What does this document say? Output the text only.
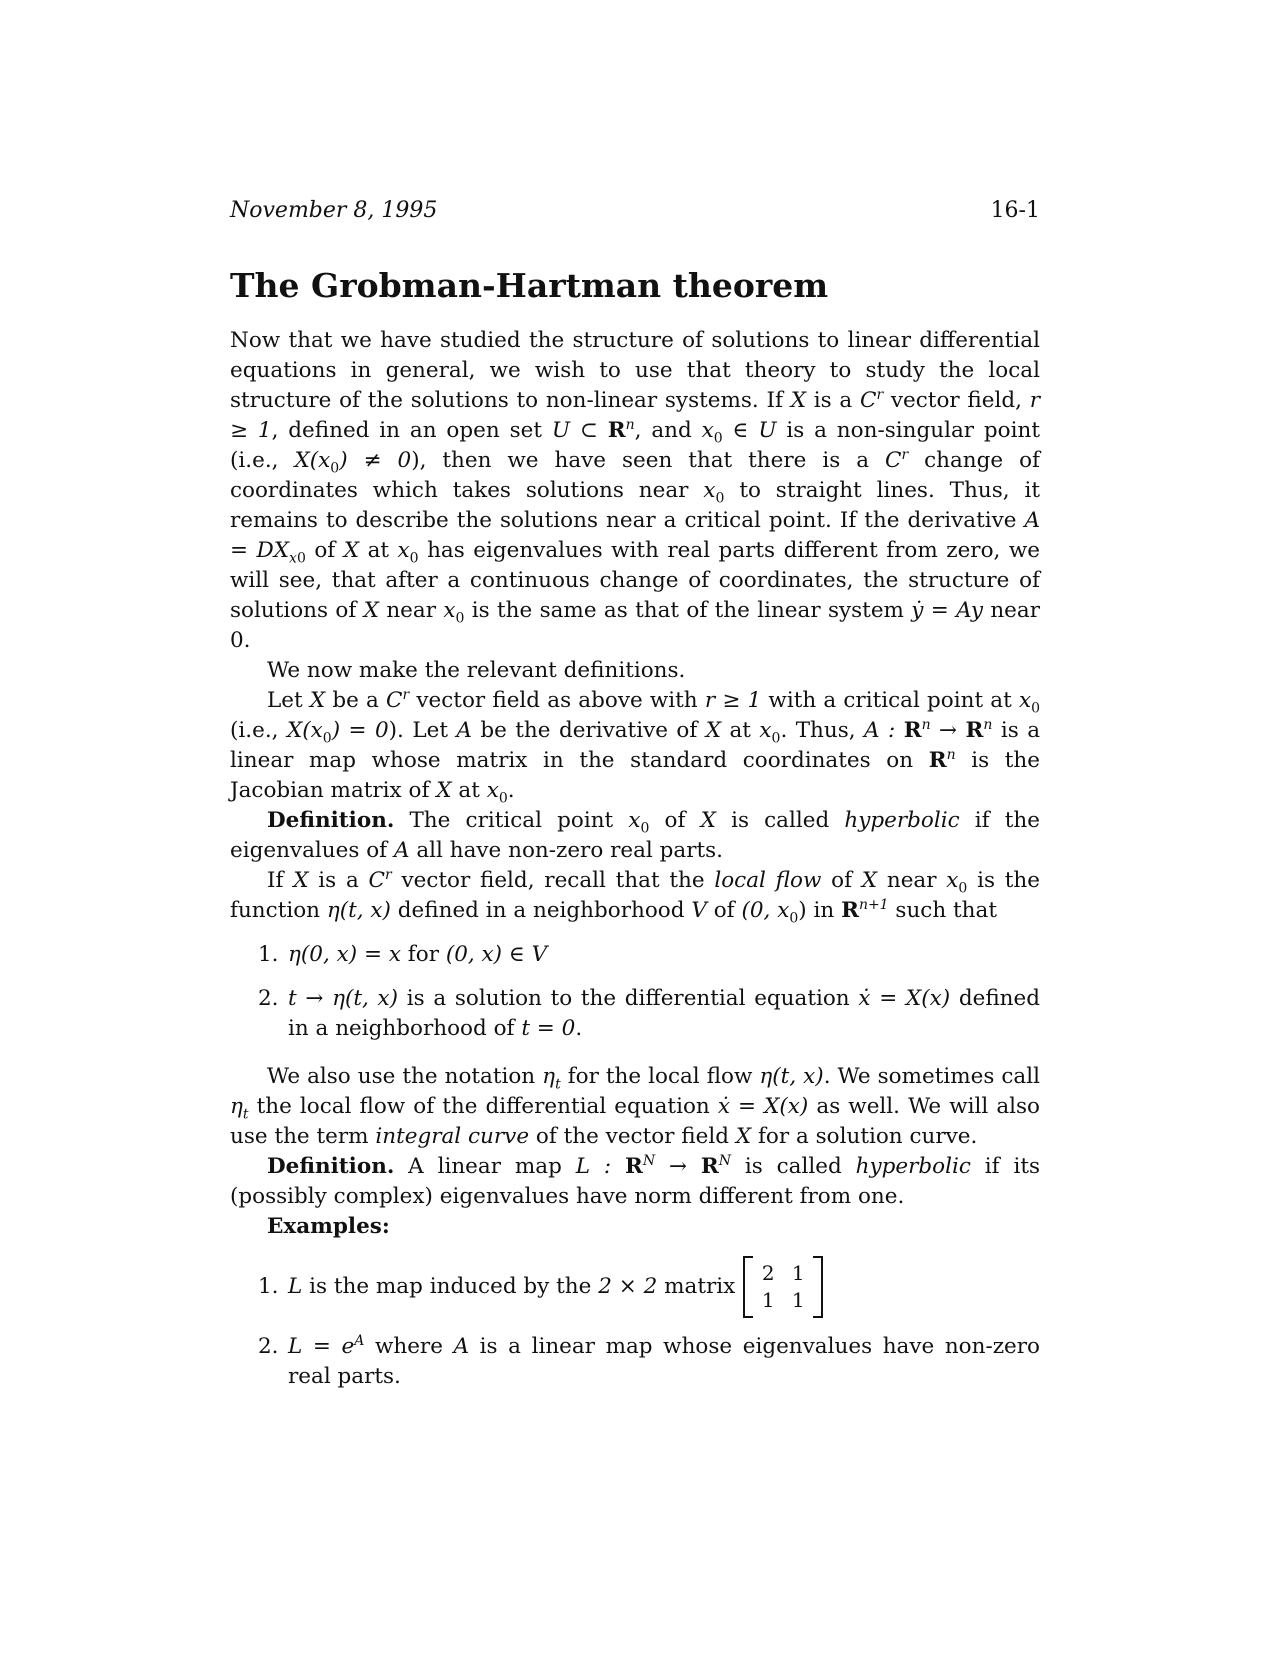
November 8, 1995	16-1
The Grobman-Hartman theorem

Now that we have studied the structure of solutions to linear differential equations in general, we wish to use that theory to study the local structure of the solutions to non-linear systems. If X is a $C^r$ vector field, r ≥ 1, defined in an open set U ⊂ $R^n$, and $x_0$ ∈ U is a non-singular point (i.e., $X(x_0) \ne 0$), then we have seen that there is a $C^r$ change of coordinates which takes solutions near $x_0$ to straight lines. Thus, it remains to describe the solutions near a critical point. If the derivative $A = DX_{x0}$ of X at $x_0$ has eigenvalues with real parts different from zero, we will see, that after a continuous change of coordinates, the structure of solutions of X near $x_0$ is the same as that of the linear system ẏ = Ay near 0.

We now make the relevant definitions.

Let X be a $C^r$ vector field as above with r ≥ 1 with a critical point at $x_0$ (i.e., $X(x_0) = 0$). Let A be the derivative of X at $x_0$. Thus, A : $R^n \to R^n$ is a linear map whose matrix in the standard coordinates on $R^n$ is the Jacobian matrix of X at $x_0$.

Definition. The critical point $x_0$ of X is called hyperbolic if the eigenvalues of A all have non-zero real parts.

If X is a $C^r$ vector field, recall that the local flow of X near $x_0$ is the function η(t, x) defined in a neighborhood V of (0, $x_0$) in $R^{n+1}$ such that

1. η(0, x) = x for (0, x) ∈ V
2. t → η(t, x) is a solution to the differential equation ẋ = X(x) defined in a neighborhood of t = 0.

We also use the notation $\eta_t$ for the local flow η(t, x). We sometimes call $\eta_t$ the local flow of the differential equation ẋ = X(x) as well. We will also use the term integral curve of the vector field X for a solution curve.

Definition. A linear map L : $R^N \to R^N$ is called hyperbolic if its (possibly complex) eigenvalues have norm different from one.

Examples:

1. L
is the map induced by the
2 × 2
matrix
2 1
1 1
2. $L = e^A$ where A is a linear map whose eigenvalues have non-zero real parts.
